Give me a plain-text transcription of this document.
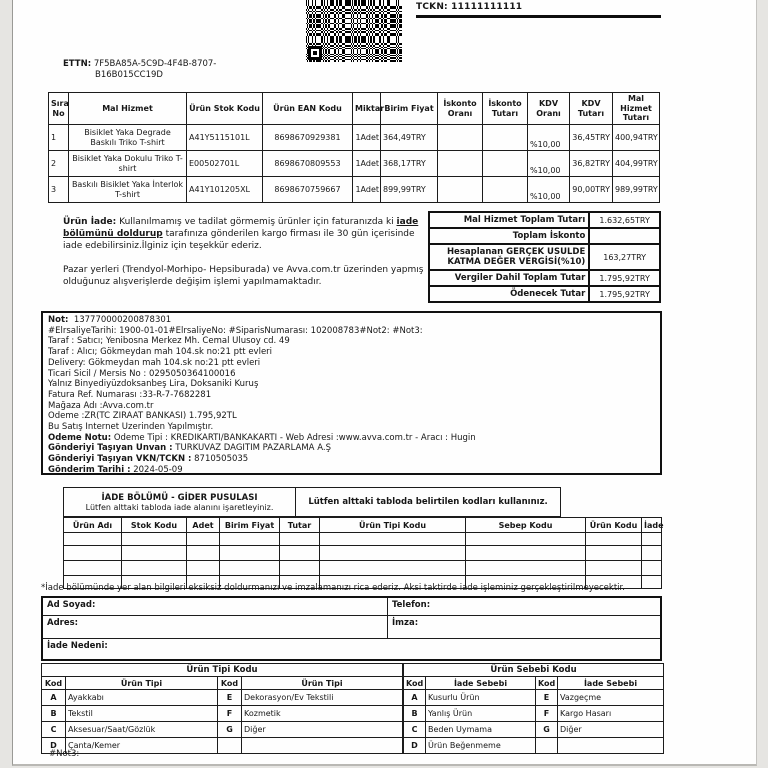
TCKN: 11111111111
ETTN: 7F5BA85A-5C9D-4F4B-8707-
B16B015CC19D
Sıra No	Mal Hizmet	Ürün Stok Kodu	Ürün EAN Kodu	Miktar	Birim Fiyat	İskonto Oranı	İskonto Tutarı	KDV Oranı	KDV Tutarı	Mal Hizmet Tutarı
1	Bisiklet Yaka Degrade Baskılı Triko T-shirt	A41Y5115101L	8698670929381	1Adet	364,49TRY			%10,00	36,45TRY	400,94TRY
2	Bisiklet Yaka Dokulu Triko T-shirt	E00502701L	8698670809553	1Adet	368,17TRY			%10,00	36,82TRY	404,99TRY
3	Baskılı Bisiklet Yaka İnterlok T-shirt	A41Y101205XL	8698670759667	1Adet	899,99TRY			%10,00	90,00TRY	989,99TRY

Ürün İade: Kullanılmamış ve tadilat görmemiş ürünler için faturanızda ki iade bölümünü doldurup tarafınıza gönderilen kargo firması ile 30 gün içerisinde iade edebilirsiniz.İlginiz için teşekkür ederiz.

Pazar yerleri (Trendyol-Morhipo- Hepsiburada) ve Avva.com.tr üzerinden yapmış olduğunuz alışverişlerde değişim işlemi yapılmamaktadır.

Mal Hizmet Toplam Tutarı	1.632,65TRY
Toplam İskonto	
Hesaplanan GERÇEK USULDE KATMA DEĞER VERGİSİ(%10)	163,27TRY
Vergiler Dahil Toplam Tutar	1.795,92TRY
Ödenecek Tutar	1.795,92TRY
Not:  137770000200878301
#ElrsaliyeTarihi: 1900-01-01#ElrsaliyeNo: #SiparisNumarası: 102008783#Not2: #Not3:
Taraf : Satıcı; Yenibosna Merkez Mh. Cemal Ulusoy cd. 49
Taraf : Alıcı; Gökmeydan mah 104.sk no:21 ptt evleri
Delivery: Gökmeydan mah 104.sk no:21 ptt evleri
Ticari Sicil / Mersis No : 0295050364100016
Yalnız Binyediyüzdoksanbeş Lira, Doksaniki Kuruş
Fatura Ref. Numarası :33-R-7-7682281
Mağaza Adı :Avva.com.tr
Ödeme :ZR(TC ZIRAAT BANKASI) 1.795,92TL
Bu Satış Internet Üzerinden Yapılmıştır.
Ödeme Notu: Ödeme Tipi : KREDIKARTI/BANKAKARTI - Web Adresi :www.avva.com.tr - Aracı : Hugin
Gönderiyi Taşıyan Unvan : TURKUVAZ DAĞITIM PAZARLAMA A.Ş
Gönderiyi Taşıyan VKN/TCKN : 8710505035
Gönderim Tarihi : 2024-05-09
İADE BÖLÜMÜ - GİDER PUSULASI
Lütfen alttaki tabloda iade alanını işaretleyiniz.	Lütfen alttaki tabloda belirtilen kodları kullanınız.
Ürün Adı	Stok Kodu	Adet	Birim Fiyat	Tutar	Ürün Tipi Kodu	Sebep Kodu	Ürün Kodu	İade

*İade bölümünde yer alan bilgileri eksiksiz doldurmanızı ve imzalamanızı rica ederiz. Aksi taktirde iade işleminiz gerçekleştirilmeyecektir.
Ad Soyad:	Telefon:
Adres:	İmza:
İade Nedeni:
Ürün Tipi Kodu			
Kod	Ürün Tipi	Kod	Ürün Tipi
A	Ayakkabı	E	Dekorasyon/Ev Tekstili
B	Tekstil	F	Kozmetik
C	Aksesuar/Saat/Gözlük	G	Diğer
D	Çanta/Kemer		
Ürün Sebebi Kodu			
Kod	İade Sebebi	Kod	İade Sebebi
A	Kusurlu Ürün	E	Vazgeçme
B	Yanlış Ürün	F	Kargo Hasarı
C	Beden Uymama	G	Diğer
D	Ürün Beğenmeme		
#Not3:
